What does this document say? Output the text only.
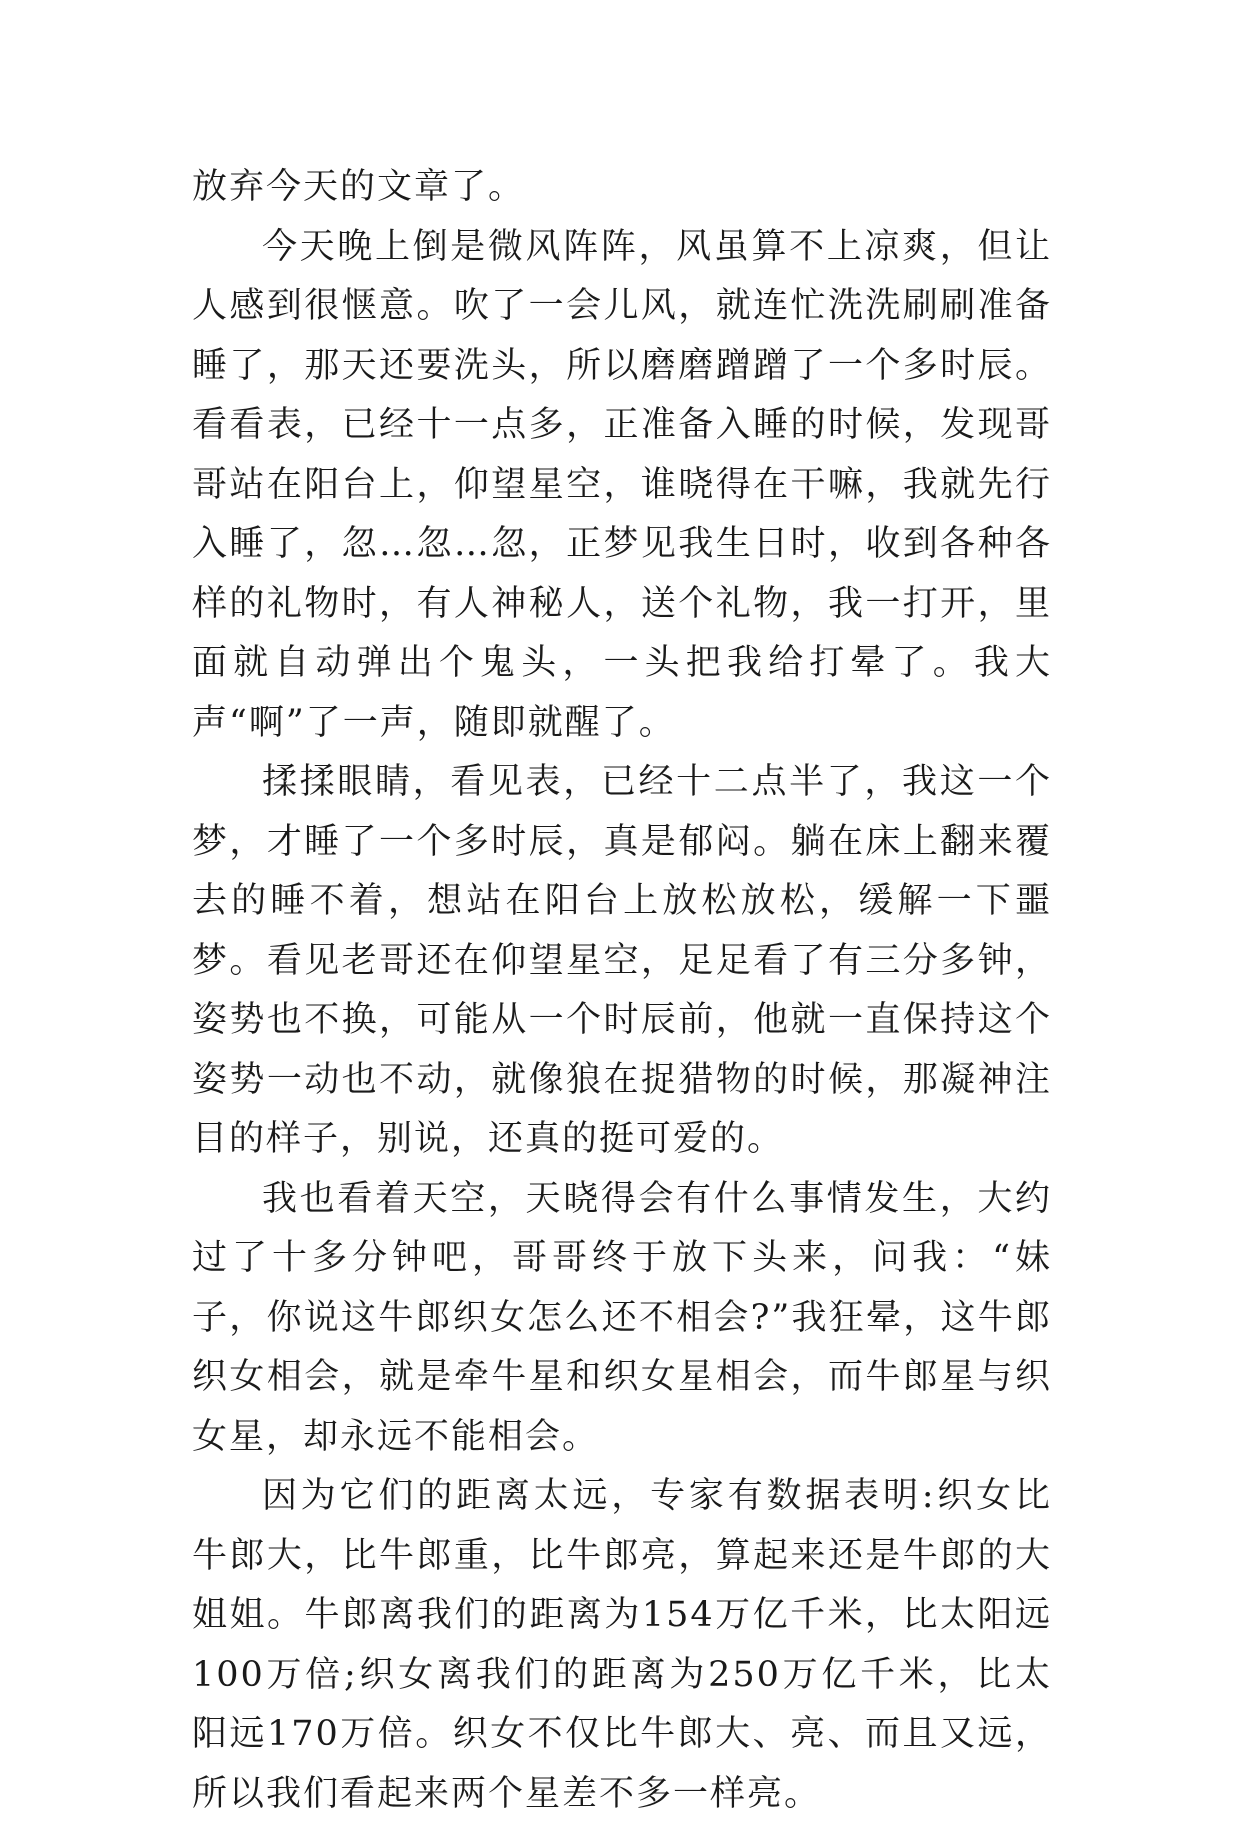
放弃今天的文章了。

今天晚上倒是微风阵阵，风虽算不上凉爽，但让人感到很惬意。吹了一会儿风，就连忙洗洗刷刷准备睡了，那天还要洗头，所以磨磨蹭蹭了一个多时辰。看看表，已经十一点多，正准备入睡的时候，发现哥哥站在阳台上，仰望星空，谁晓得在干嘛，我就先行入睡了，忽…忽…忽，正梦见我生日时，收到各种各样的礼物时，有人神秘人，送个礼物，我一打开，里面就自动弹出个鬼头，一头把我给打晕了。我大声“啊”了一声，随即就醒了。

揉揉眼睛，看见表，已经十二点半了，我这一个梦，才睡了一个多时辰，真是郁闷。躺在床上翻来覆去的睡不着，想站在阳台上放松放松，缓解一下噩梦。看见老哥还在仰望星空，足足看了有三分多钟，姿势也不换，可能从一个时辰前，他就一直保持这个姿势一动也不动，就像狼在捉猎物的时候，那凝神注目的样子，别说，还真的挺可爱的。

我也看着天空，天晓得会有什么事情发生，大约过了十多分钟吧，哥哥终于放下头来，问我：“妹子，你说这牛郎织女怎么还不相会?”我狂晕，这牛郎织女相会，就是牵牛星和织女星相会，而牛郎星与织女星，却永远不能相会。

因为它们的距离太远，专家有数据表明:织女比牛郎大，比牛郎重，比牛郎亮，算起来还是牛郎的大姐姐。牛郎离我们的距离为154万亿千米，比太阳远100万倍;织女离我们的距离为250万亿千米，比太阳远170万倍。织女不仅比牛郎大、亮、而且又远，所以我们看起来两个星差不多一样亮。
